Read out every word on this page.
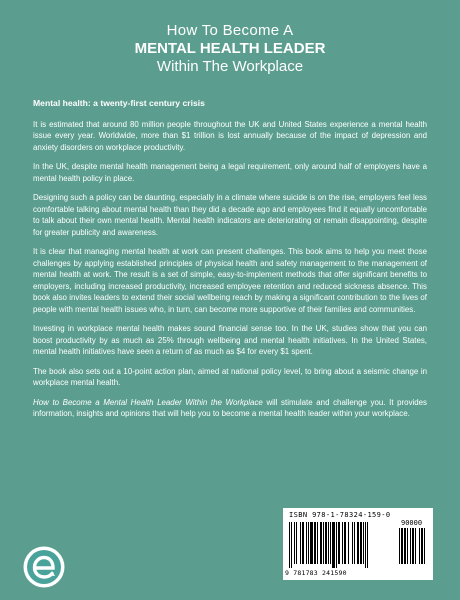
How To Become A
MENTAL HEALTH LEADER
Within The Workplace

Mental health: a twenty-first century crisis

It is estimated that around 80 million people throughout the UK and United States experience a mental health issue every year. Worldwide, more than $1 trillion is lost annually because of the impact of depression and anxiety disorders on workplace productivity.

In the UK, despite mental health management being a legal requirement, only around half of employers have a mental health policy in place.

Designing such a policy can be daunting, especially in a climate where suicide is on the rise, employers feel less comfortable talking about mental health than they did a decade ago and employees find it equally uncomfortable to talk about their own mental health. Mental health indicators are deteriorating or remain disappointing, despite for greater publicity and awareness.

It is clear that managing mental health at work can present challenges. This book aims to help you meet those challenges by applying established principles of physical health and safety management to the management of mental health at work. The result is a set of simple, easy-to-implement methods that offer significant benefits to employers, including increased productivity, increased employee retention and reduced sickness absence. This book also invites leaders to extend their social wellbeing reach by making a significant contribution to the lives of people with mental health issues who, in turn, can become more supportive of their families and communities.

Investing in workplace mental health makes sound financial sense too. In the UK, studies show that you can boost productivity by as much as 25% through wellbeing and mental health initiatives. In the United States, mental health initiatives have seen a return of as much as $4 for every $1 spent.

The book also sets out a 10-point action plan, aimed at national policy level, to bring about a seismic change in workplace mental health.

How to Become a Mental Health Leader Within the Workplace will stimulate and challenge you. It provides information, insights and opinions that will help you to become a mental health leader within your workplace.

ISBN 978-1-78324-159-0
90000
9 781783 241590
